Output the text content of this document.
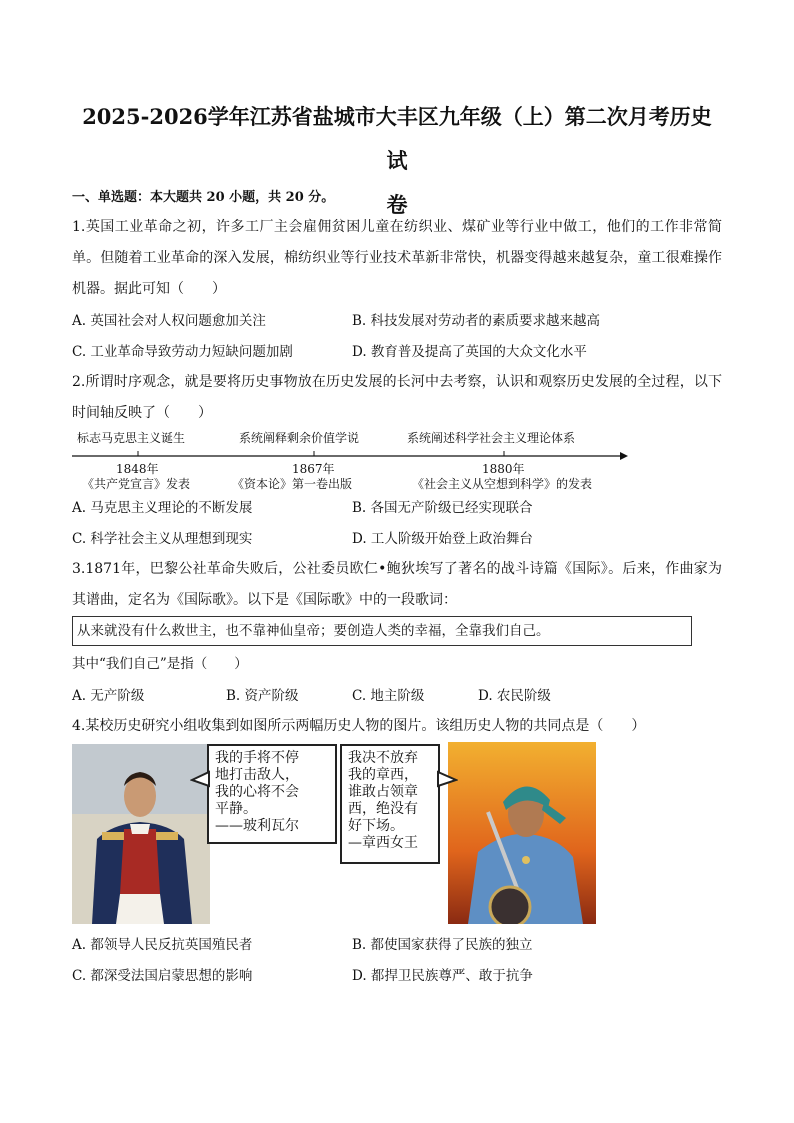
2025-2026学年江苏省盐城市大丰区九年级（上）第二次月考历史试
卷
一、单选题：本大题共 20 小题，共 20 分。
1.英国工业革命之初，许多工厂主会雇佣贫困儿童在纺织业、煤矿业等行业中做工，他们的工作非常简单。但随着工业革命的深入发展，棉纺织业等行业技术革新非常快，机器变得越来越复杂，童工很难操作机器。据此可知（　　）
A. 英国社会对人权问题愈加关注	B. 科技发展对劳动者的素质要求越来越高
C. 工业革命导致劳动力短缺问题加剧	D. 教育普及提高了英国的大众文化水平
2.所谓时序观念，就是要将历史事物放在历史发展的长河中去考察，认识和观察历史发展的全过程，以下时间轴反映了（　　）
标志马克思主义诞生	系统阐释剩余价值学说	系统阐述科学社会主义理论体系
1848年	1867年	1880年
《共产党宣言》发表	《资本论》第一卷出版	《社会主义从空想到科学》的发表
A. 马克思主义理论的不断发展	B. 各国无产阶级已经实现联合
C. 科学社会主义从理想到现实	D. 工人阶级开始登上政治舞台
3.1871年，巴黎公社革命失败后，公社委员欧仁•鲍狄埃写了著名的战斗诗篇《国际》。后来，作曲家为其谱曲，定名为《国际歌》。以下是《国际歌》中的一段歌词：
从来就没有什么救世主，也不靠神仙皇帝；要创造人类的幸福，全靠我们自己。
其中“我们自己”是指（　　）
A. 无产阶级	B. 资产阶级	C. 地主阶级	D. 农民阶级
4.某校历史研究小组收集到如图所示两幅历史人物的图片。该组历史人物的共同点是（　　）
我的手将不停
地打击敌人，
我的心将不会
平静。
——玻利瓦尔
我决不放弃
我的章西，
谁敢占领章
西，绝没有
好下场。
—章西女王
A. 都领导人民反抗英国殖民者	B. 都使国家获得了民族的独立
C. 都深受法国启蒙思想的影响	D. 都捍卫民族尊严、敢于抗争
